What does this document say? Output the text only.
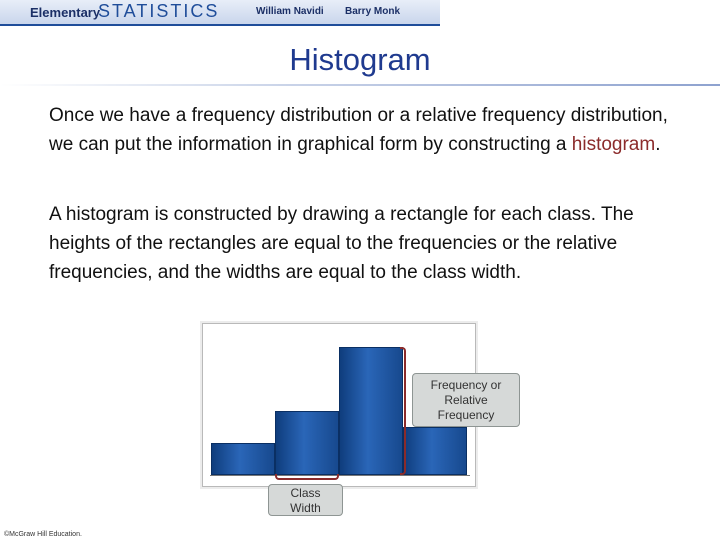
Elementary
STATISTICS	William Navidi Barry Monk
Histogram

Once we have a frequency distribution or a relative frequency distribution, we can put the information in graphical form by constructing a histogram.

A histogram is constructed by drawing a rectangle for each class. The heights of the rectangles are equal to the frequencies or the relative frequencies, and the widths are equal to the class width.

Frequency or
Relative
Frequency
Class
Width
©McGraw Hill Education.
